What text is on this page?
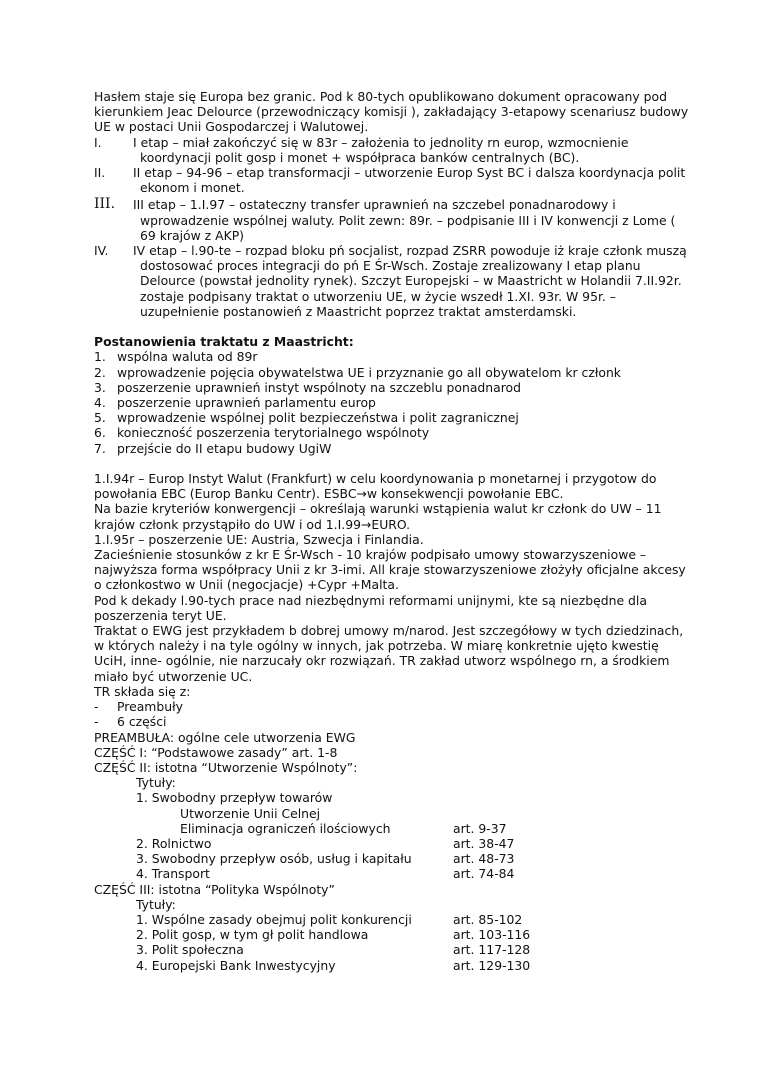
Hasłem staje się Europa bez granic. Pod k 80-tych opublikowano dokument opracowany pod kierunkiem Jeac Delource (przewodniczący komisji ), zakładający 3-etapowy scenariusz budowy UE w postaci Unii Gospodarczej i Walutowej.

I.	I etap – miał zakończyć się w 83r – założenia to jednolity rn europ, wzmocnienie koordynacji polit gosp i monet + współpraca banków centralnych (BC).
II.	II etap – 94-96 – etap transformacji – utworzenie Europ Syst BC i dalsza koordynacja polit ekonom i monet.
III.	III etap – 1.I.97 – ostateczny transfer uprawnień na szczebel ponadnarodowy i wprowadzenie wspólnej waluty. Polit zewn: 89r. – podpisanie III i IV konwencji z Lome ( 69 krajów z AKP)
IV.	IV etap – l.90-te – rozpad bloku pń socjalist, rozpad ZSRR powoduje iż kraje członk muszą dostosować proces integracji do pń E Śr-Wsch. Zostaje zrealizowany I etap planu Delource (powstał jednolity rynek). Szczyt Europejski – w Maastricht w Holandii 7.II.92r. zostaje podpisany traktat o utworzeniu UE, w życie wszedł 1.XI. 93r. W 95r. – uzupełnienie postanowień z Maastricht poprzez traktat amsterdamski.
Postanowienia traktatu z Maastricht:
1. wspólna waluta od 89r
2. wprowadzenie pojęcia obywatelstwa UE i przyznanie go all obywatelom kr członk
3. poszerzenie uprawnień instyt wspólnoty na szczeblu ponadnarod
4. poszerzenie uprawnień parlamentu europ
5. wprowadzenie wspólnej polit bezpieczeństwa i polit zagranicznej
6. konieczność poszerzenia terytorialnego wspólnoty
7. przejście do II etapu budowy UgiW

1.I.94r – Europ Instyt Walut (Frankfurt) w celu koordynowania p monetarnej i przygotow do powołania EBC (Europ Banku Centr). ESBC→w konsekwencji powołanie EBC.

Na bazie kryteriów konwergencji – określają warunki wstąpienia walut kr członk do UW – 11 krajów członk przystąpiło do UW i od 1.I.99→EURO.

1.I.95r – poszerzenie UE: Austria, Szwecja i Finlandia.

Zacieśnienie stosunków z kr E Śr-Wsch - 10 krajów podpisało umowy stowarzyszeniowe – najwyższa forma współpracy Unii z kr 3-imi. All kraje stowarzyszeniowe złożyły oficjalne akcesy o członkostwo w Unii (negocjacje) +Cypr +Malta.

Pod k dekady l.90-tych prace nad niezbędnymi reformami unijnymi, kte są niezbędne dla poszerzenia teryt UE.

Traktat o EWG jest przykładem b dobrej umowy m/narod. Jest szczegółowy w tych dziedzinach, w których należy i na tyle ogólny w innych, jak potrzeba. W miarę konkretnie ujęto kwestię UciH, inne- ogólnie, nie narzucały okr rozwiązań. TR zakład utworz wspólnego rn, a środkiem miało być utworzenie UC.

TR składa się z:

-	Preambuły
-	6 części

PREAMBUŁA: ogólne cele utworzenia EWG

CZĘŚĆ I: “Podstawowe zasady” art. 1-8

CZĘŚĆ II: istotna “Utworzenie Wspólnoty”:

Tytuły:

1. Swobodny przepływ towarów

Utworzenie Unii Celnej

Eliminacja ograniczeń ilościowych	art. 9-37
2. Rolnictwo	art. 38-47
3. Swobodny przepływ osób, usług i kapitału	art. 48-73
4. Transport	art. 74-84

CZĘŚĆ III: istotna “Polityka Wspólnoty”

Tytuły:

1. Wspólne zasady obejmuj polit konkurencji	art. 85-102
2. Polit gosp, w tym gł polit handlowa	art. 103-116
3. Polit społeczna	art. 117-128
4. Europejski Bank Inwestycyjny	art. 129-130
